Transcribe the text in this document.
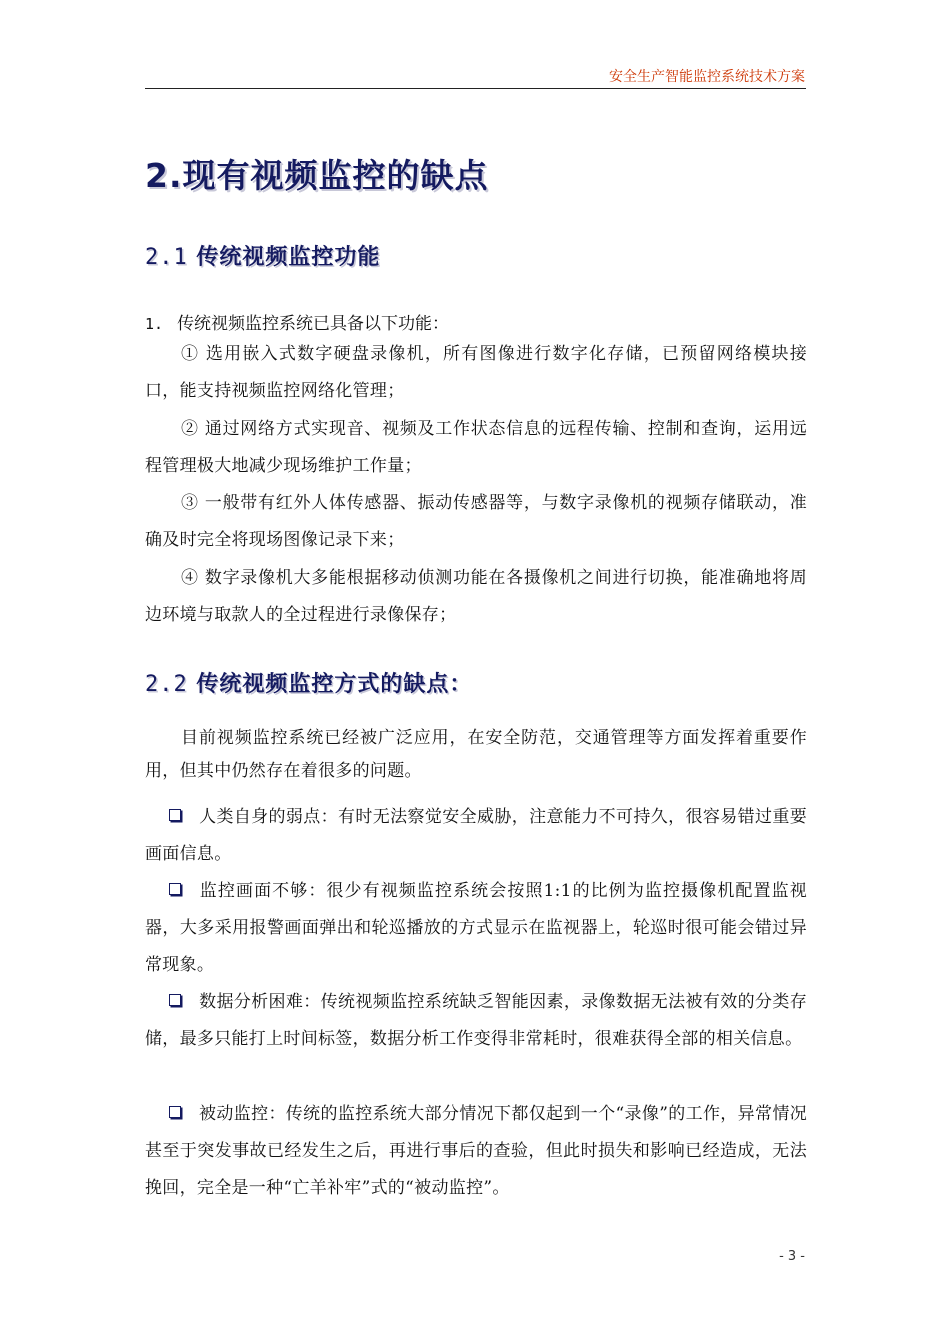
安全生产智能监控系统技术方案
2.现有视频监控的缺点
2.1 传统视频监控功能
1. 传统视频监控系统已具备以下功能：
① 选用嵌入式数字硬盘录像机，所有图像进行数字化存储，已预留网络模块接口，能支持视频监控网络化管理；
② 通过网络方式实现音、视频及工作状态信息的远程传输、控制和查询，运用远程管理极大地减少现场维护工作量；
③ 一般带有红外人体传感器、振动传感器等，与数字录像机的视频存储联动，准确及时完全将现场图像记录下来；
④ 数字录像机大多能根据移动侦测功能在各摄像机之间进行切换，能准确地将周边环境与取款人的全过程进行录像保存；
2.2 传统视频监控方式的缺点：
目前视频监控系统已经被广泛应用，在安全防范，交通管理等方面发挥着重要作用，但其中仍然存在着很多的问题。
人类自身的弱点：有时无法察觉安全威胁，注意能力不可持久，很容易错过重要画面信息。
监控画面不够：很少有视频监控系统会按照1:1的比例为监控摄像机配置监视器，大多采用报警画面弹出和轮巡播放的方式显示在监视器上，轮巡时很可能会错过异常现象。
数据分析困难：传统视频监控系统缺乏智能因素，录像数据无法被有效的分类存储，最多只能打上时间标签，数据分析工作变得非常耗时，很难获得全部的相关信息。
被动监控：传统的监控系统大部分情况下都仅起到一个“录像”的工作，异常情况甚至于突发事故已经发生之后，再进行事后的查验，但此时损失和影响已经造成，无法挽回，完全是一种“亡羊补牢”式的“被动监控”。
- 3 -
